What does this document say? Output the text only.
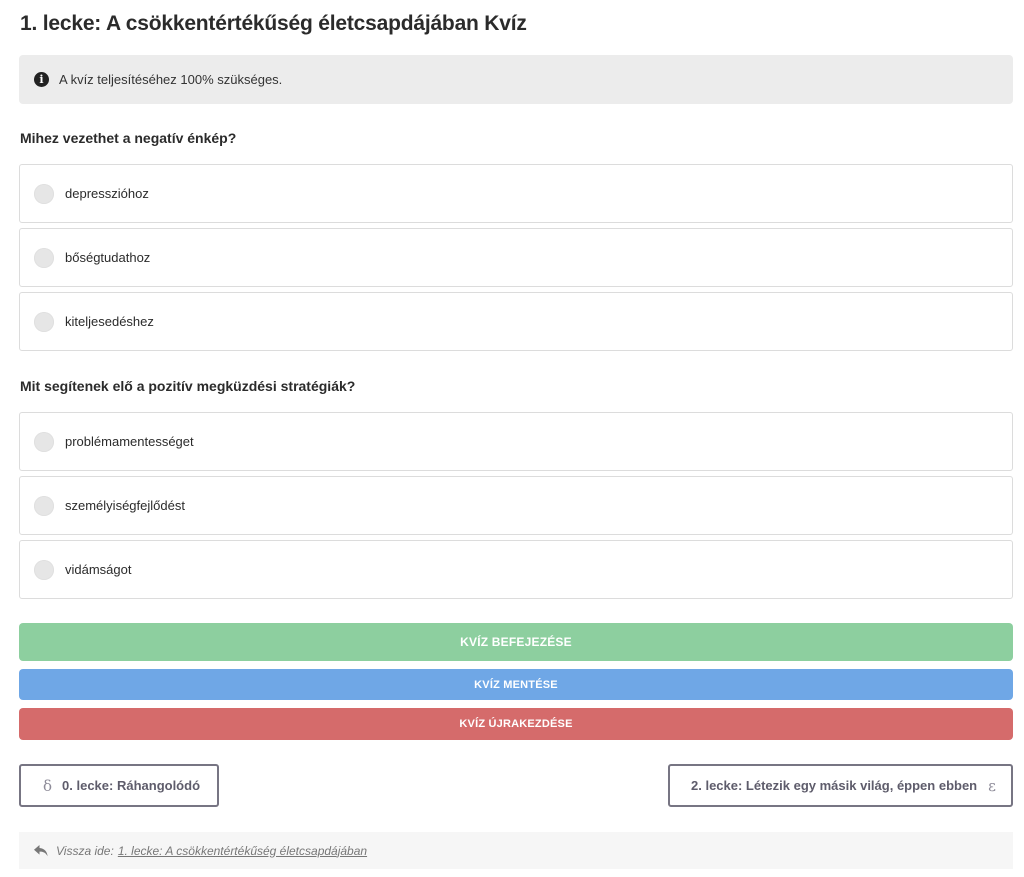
1. lecke: A csökkentértékűség életcsapdájában Kvíz
i	A kvíz teljesítéséhez 100% szükséges.
Mihez vezethet a negatív énkép?
depresszióhoz
bőségtudathoz
kiteljesedéshez
Mit segítenek elő a pozitív megküzdési stratégiák?
problémamentességet
személyiségfejlődést
vidámságot
KVÍZ BEFEJEZÉSE
KVÍZ MENTÉSE
KVÍZ ÚJRAKEZDÉSE
δ 0. lecke: Ráhangolódó	2. lecke: Létezik egy másik világ, éppen ebben ε
Vissza ide: 1. lecke: A csökkentértékűség életcsapdájában
